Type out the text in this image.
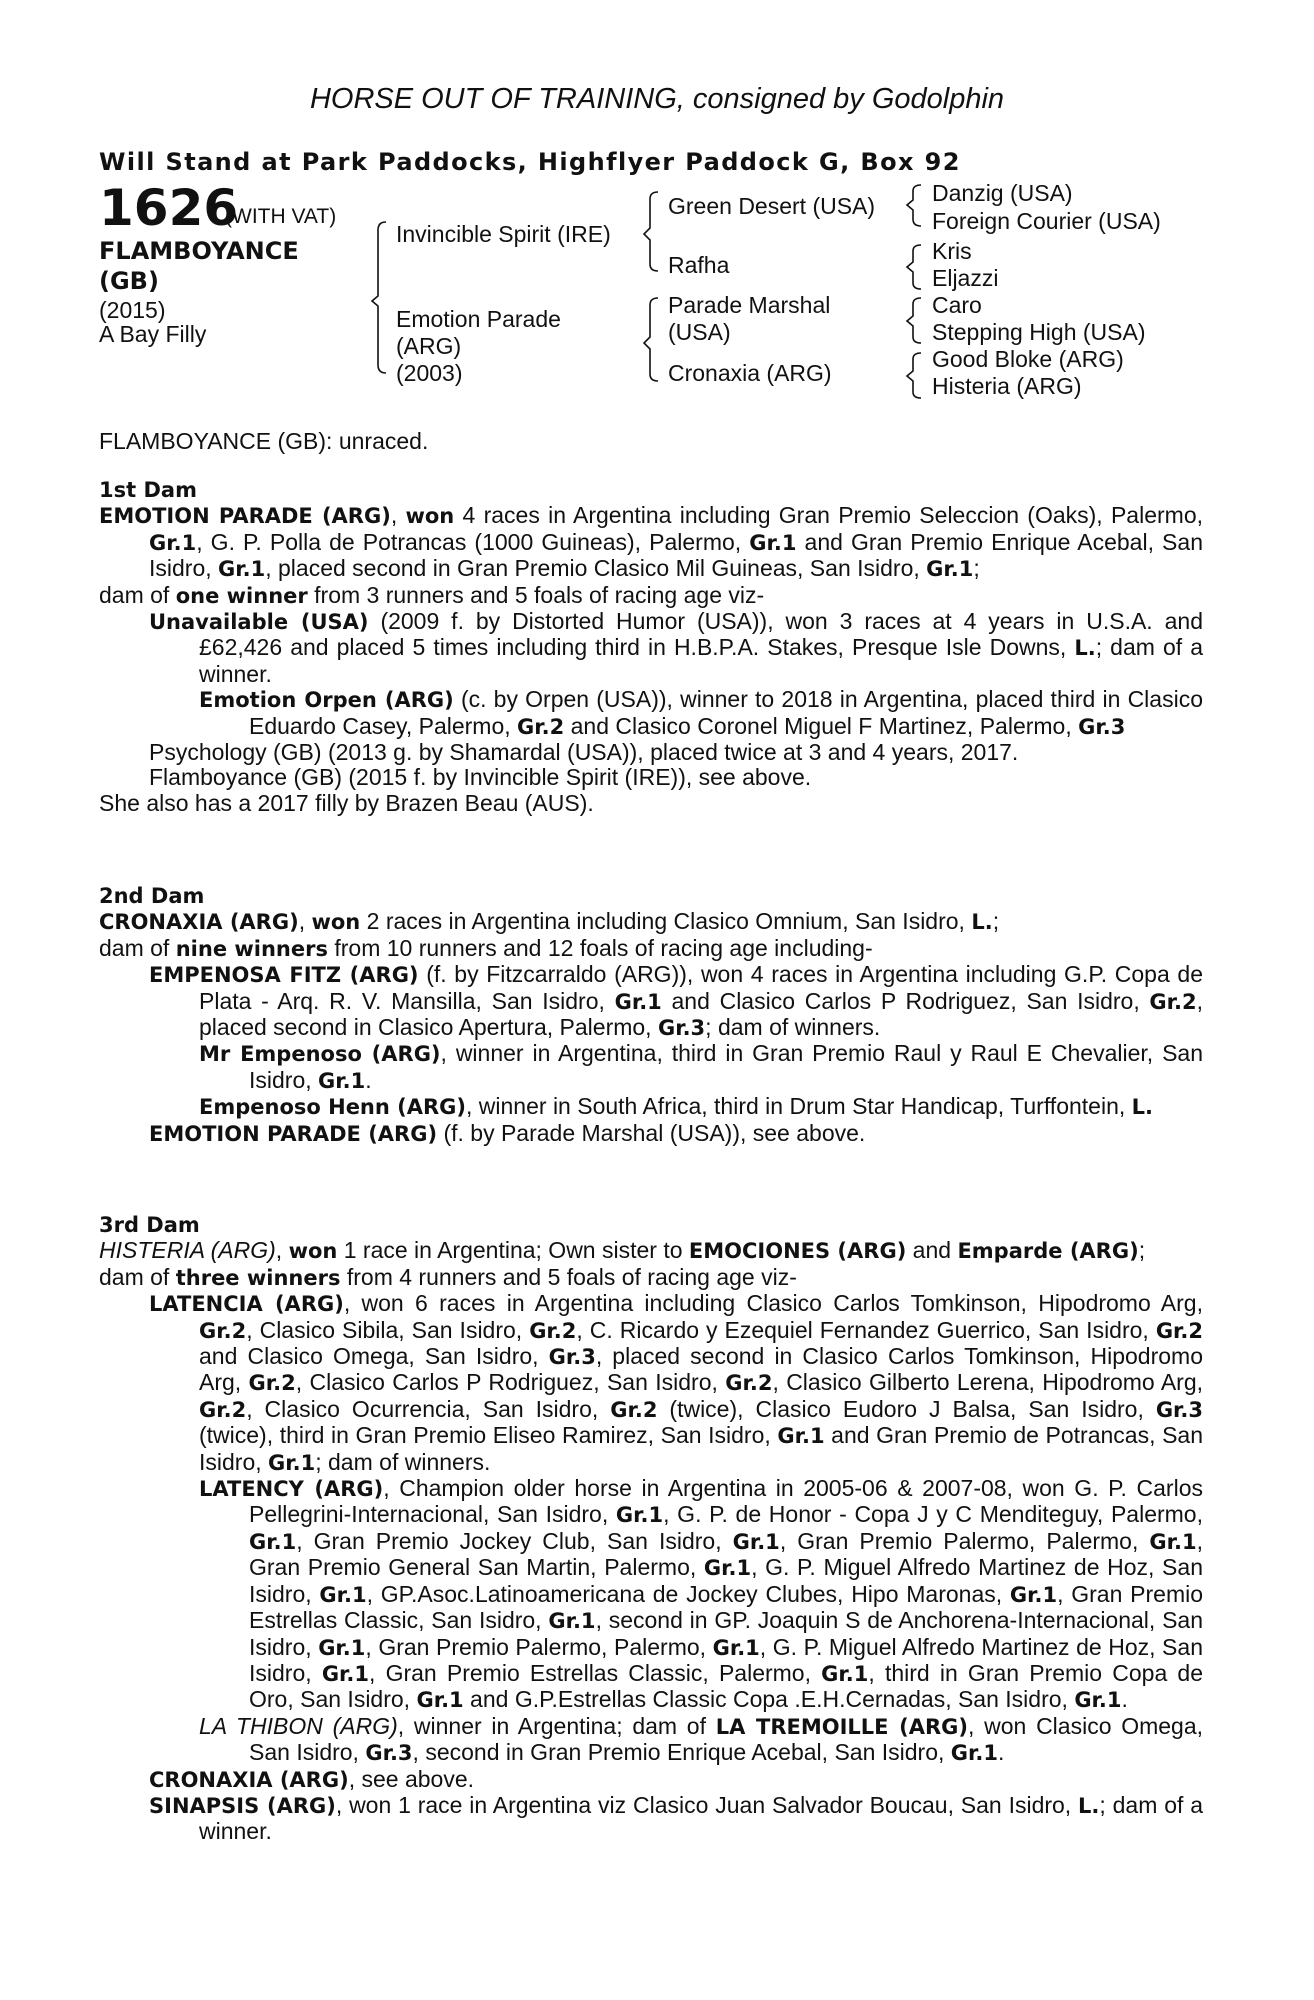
HORSE OUT OF TRAINING, consigned by Godolphin
Will Stand at Park Paddocks, Highflyer Paddock G, Box 92
1626
(WITH VAT)
FLAMBOYANCE (GB)
(2015)
A Bay Filly
Invincible Spirit (IRE)
Emotion Parade
(ARG)
(2003)
Green Desert (USA)
Rafha
Parade Marshal
(USA)
Cronaxia (ARG)
Danzig (USA)
Foreign Courier (USA)
Kris
Eljazzi
Caro
Stepping High (USA)
Good Bloke (ARG)
Histeria (ARG)
FLAMBOYANCE (GB): unraced.
1st Dam

EMOTION PARADE (ARG), won 4 races in Argentina including Gran Premio Seleccion (Oaks), Palermo, Gr.1, G. P. Polla de Potrancas (1000 Guineas), Palermo, Gr.1 and Gran Premio Enrique Acebal, San Isidro, Gr.1, placed second in Gran Premio Clasico Mil Guineas, San Isidro, Gr.1;

dam of one winner from 3 runners and 5 foals of racing age viz-

Unavailable (USA) (2009 f. by Distorted Humor (USA)), won 3 races at 4 years in U.S.A. and £62,426 and placed 5 times including third in H.B.P.A. Stakes, Presque Isle Downs, L.; dam of a winner.

Emotion Orpen (ARG) (c. by Orpen (USA)), winner to 2018 in Argentina, placed third in Clasico Eduardo Casey, Palermo, Gr.2 and Clasico Coronel Miguel F Martinez, Palermo, Gr.3

Psychology (GB) (2013 g. by Shamardal (USA)), placed twice at 3 and 4 years, 2017.

Flamboyance (GB) (2015 f. by Invincible Spirit (IRE)), see above.

She also has a 2017 filly by Brazen Beau (AUS).

2nd Dam

CRONAXIA (ARG), won 2 races in Argentina including Clasico Omnium, San Isidro, L.;

dam of nine winners from 10 runners and 12 foals of racing age including-

EMPENOSA FITZ (ARG) (f. by Fitzcarraldo (ARG)), won 4 races in Argentina including G.P. Copa de Plata - Arq. R. V. Mansilla, San Isidro, Gr.1 and Clasico Carlos P Rodriguez, San Isidro, Gr.2, placed second in Clasico Apertura, Palermo, Gr.3; dam of winners.

Mr Empenoso (ARG), winner in Argentina, third in Gran Premio Raul y Raul E Chevalier, San Isidro, Gr.1.

Empenoso Henn (ARG), winner in South Africa, third in Drum Star Handicap, Turffontein, L.

EMOTION PARADE (ARG) (f. by Parade Marshal (USA)), see above.

3rd Dam

HISTERIA (ARG), won 1 race in Argentina; Own sister to EMOCIONES (ARG) and Emparde (ARG);

dam of three winners from 4 runners and 5 foals of racing age viz-

LATENCIA (ARG), won 6 races in Argentina including Clasico Carlos Tomkinson, Hipodromo Arg, Gr.2, Clasico Sibila, San Isidro, Gr.2, C. Ricardo y Ezequiel Fernandez Guerrico, San Isidro, Gr.2 and Clasico Omega, San Isidro, Gr.3, placed second in Clasico Carlos Tomkinson, Hipodromo Arg, Gr.2, Clasico Carlos P Rodriguez, San Isidro, Gr.2, Clasico Gilberto Lerena, Hipodromo Arg, Gr.2, Clasico Ocurrencia, San Isidro, Gr.2 (twice), Clasico Eudoro J Balsa, San Isidro, Gr.3 (twice), third in Gran Premio Eliseo Ramirez, San Isidro, Gr.1 and Gran Premio de Potrancas, San Isidro, Gr.1; dam of winners.

LATENCY (ARG), Champion older horse in Argentina in 2005-06 & 2007-08, won G. P. Carlos Pellegrini-Internacional, San Isidro, Gr.1, G. P. de Honor - Copa J y C Menditeguy, Palermo, Gr.1, Gran Premio Jockey Club, San Isidro, Gr.1, Gran Premio Palermo, Palermo, Gr.1, Gran Premio General San Martin, Palermo, Gr.1, G. P. Miguel Alfredo Martinez de Hoz, San Isidro, Gr.1, GP.Asoc.Latinoamericana de Jockey Clubes, Hipo Maronas, Gr.1, Gran Premio Estrellas Classic, San Isidro, Gr.1, second in GP. Joaquin S de Anchorena-Internacional, San Isidro, Gr.1, Gran Premio Palermo, Palermo, Gr.1, G. P. Miguel Alfredo Martinez de Hoz, San Isidro, Gr.1, Gran Premio Estrellas Classic, Palermo, Gr.1, third in Gran Premio Copa de Oro, San Isidro, Gr.1 and G.P.Estrellas Classic Copa .E.H.Cernadas, San Isidro, Gr.1.

LA THIBON (ARG), winner in Argentina; dam of LA TREMOILLE (ARG), won Clasico Omega, San Isidro, Gr.3, second in Gran Premio Enrique Acebal, San Isidro, Gr.1.

CRONAXIA (ARG), see above.

SINAPSIS (ARG), won 1 race in Argentina viz Clasico Juan Salvador Boucau, San Isidro, L.; dam of a winner.
